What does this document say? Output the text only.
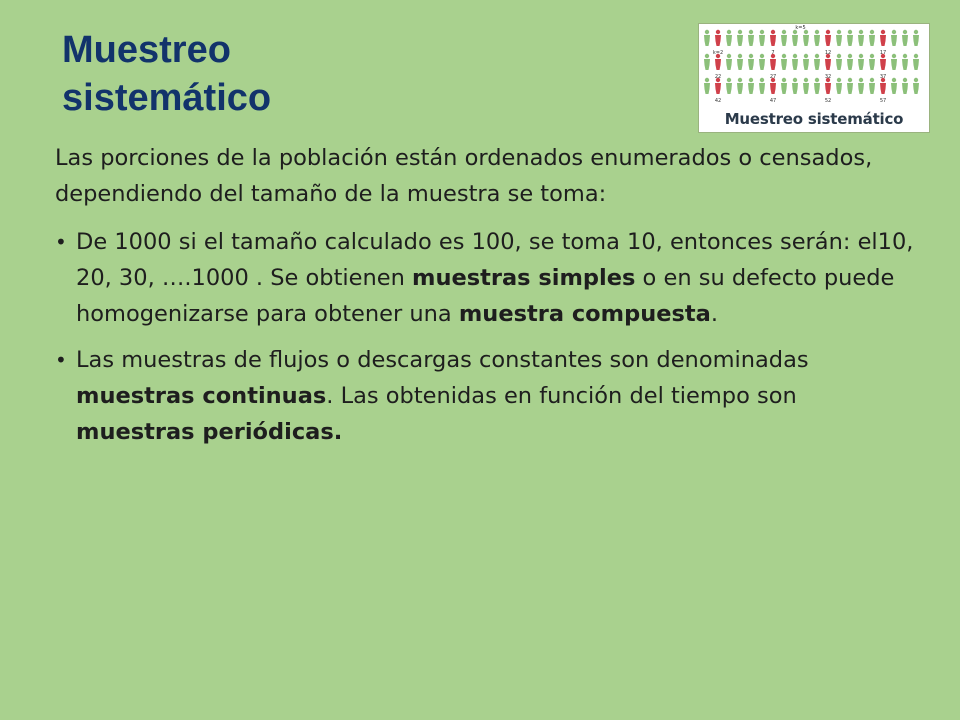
Muestreo
sistemático
k=2	7	12	17
22	27	32	37
42	47	52	57
k=5
Muestreo sistemático

Las porciones de la población están ordenados enumerados o censados, dependiendo del tamaño de la muestra se toma:

• De 1000 si el tamaño calculado es 100, se toma 10, entonces serán: el10, 20, 30, ….1000 . Se obtienen muestras simples o en su defecto puede homogenizarse para obtener una muestra compuesta.
• Las muestras de flujos o descargas constantes son denominadas muestras continuas. Las obtenidas en función del tiempo son muestras periódicas.
